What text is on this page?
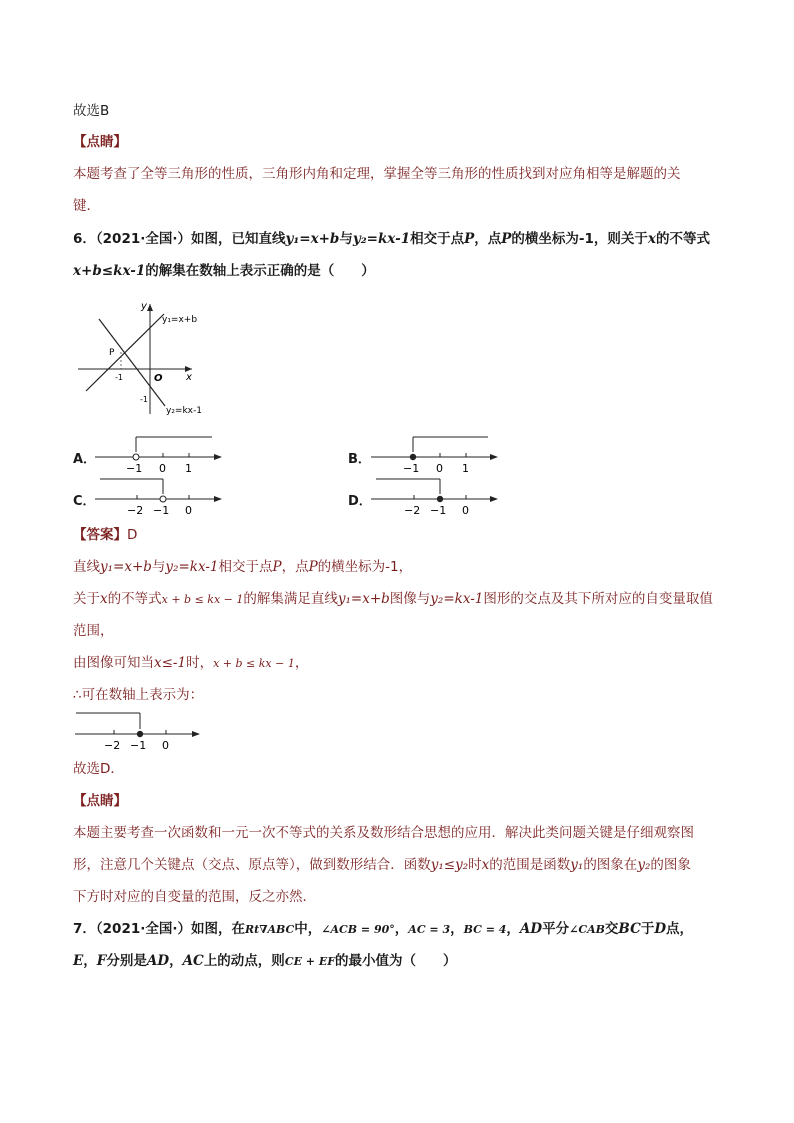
故选B
【点睛】
本题考查了全等三角形的性质，三角形内角和定理，掌握全等三角形的性质找到对应角相等是解题的关
键．
6．（2021·全国·）如图，已知直线y₁=x+b与y₂=kx-1相交于点P，点P的横坐标为-1，则关于x的不等式
x+b≤kx-1的解集在数轴上表示正确的是（　　）
y
x
O
P
-1
-1
y₁=x+b
y₂=kx-1
A．
−1 0 1
B．
−1 0 1
C．
−2 −1 0
D．
−2 −1 0
【答案】D
直线y₁=x+b与y₂=kx-1相交于点P，点P的横坐标为-1，
关于x的不等式x + b ≤ kx − 1的解集满足直线y₁=x+b图像与y₂=kx-1图形的交点及其下所对应的自变量取值
范围，
由图像可知当x≤-1时，x + b ≤ kx − 1，
∴可在数轴上表示为：
−2 −1 0
故选D．
【点睛】
本题主要考查一次函数和一元一次不等式的关系及数形结合思想的应用．解决此类问题关键是仔细观察图
形，注意几个关键点（交点、原点等），做到数形结合．函数y₁≤y₂时x的范围是函数y₁的图象在y₂的图象
下方时对应的自变量的范围，反之亦然．
7．（2021·全国·）如图，在Rt∇ABC中，∠ACB = 90°，AC = 3，BC = 4，AD平分∠CAB交BC于D点，
E，F分别是AD，AC上的动点，则CE + EF的最小值为（　　）
